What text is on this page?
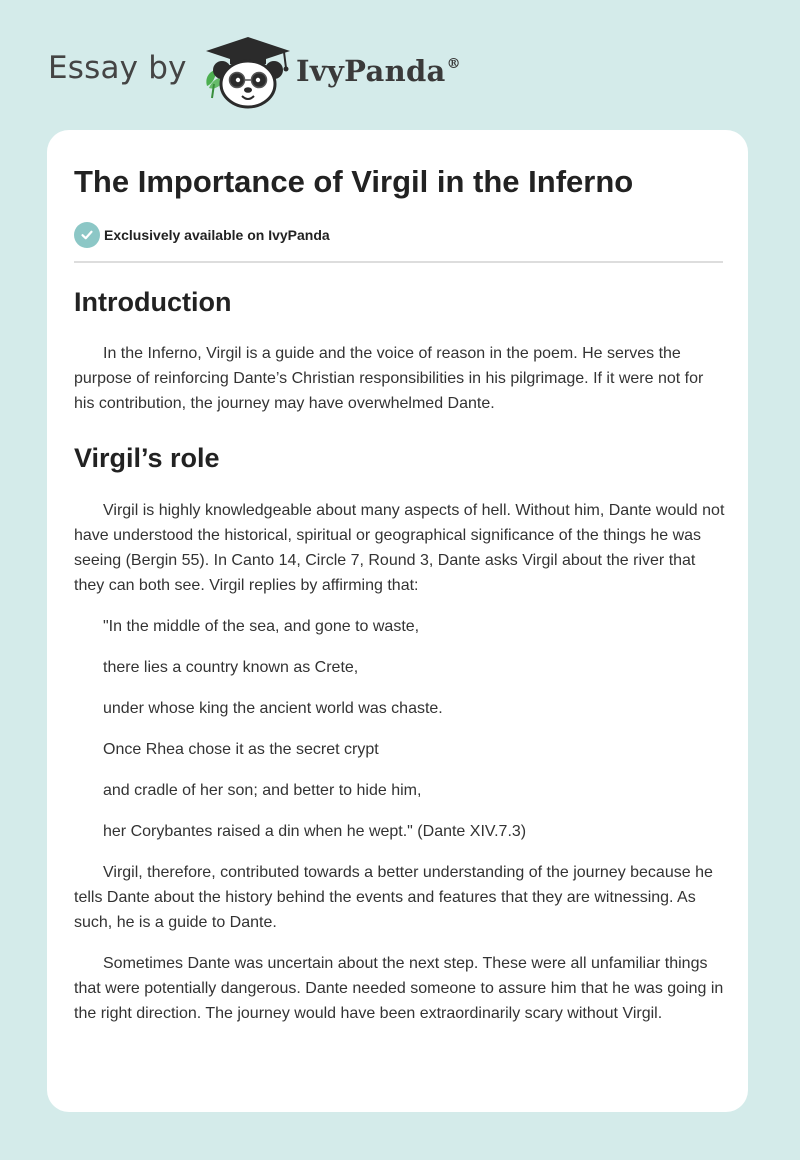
Essay by	IvyPanda®
The Importance of Virgil in the Inferno
Exclusively available on IvyPanda
Introduction

In the Inferno, Virgil is a guide and the voice of reason in the poem. He serves the purpose of reinforcing Dante’s Christian responsibilities in his pilgrimage. If it were not for his contribution, the journey may have overwhelmed Dante.

Virgil’s role

Virgil is highly knowledgeable about many aspects of hell. Without him, Dante would not have understood the historical, spiritual or geographical significance of the things he was seeing (Bergin 55). In Canto 14, Circle 7, Round 3, Dante asks Virgil about the river that they can both see. Virgil replies by affirming that:

"In the middle of the sea, and gone to waste,

there lies a country known as Crete,

under whose king the ancient world was chaste.

Once Rhea chose it as the secret crypt

and cradle of her son; and better to hide him,

her Corybantes raised a din when he wept." (Dante XIV.7.3)

Virgil, therefore, contributed towards a better understanding of the journey because he tells Dante about the history behind the events and features that they are witnessing. As such, he is a guide to Dante.

Sometimes Dante was uncertain about the next step. These were all unfamiliar things that were potentially dangerous. Dante needed someone to assure him that he was going in the right direction. The journey would have been extraordinarily scary without Virgil.
